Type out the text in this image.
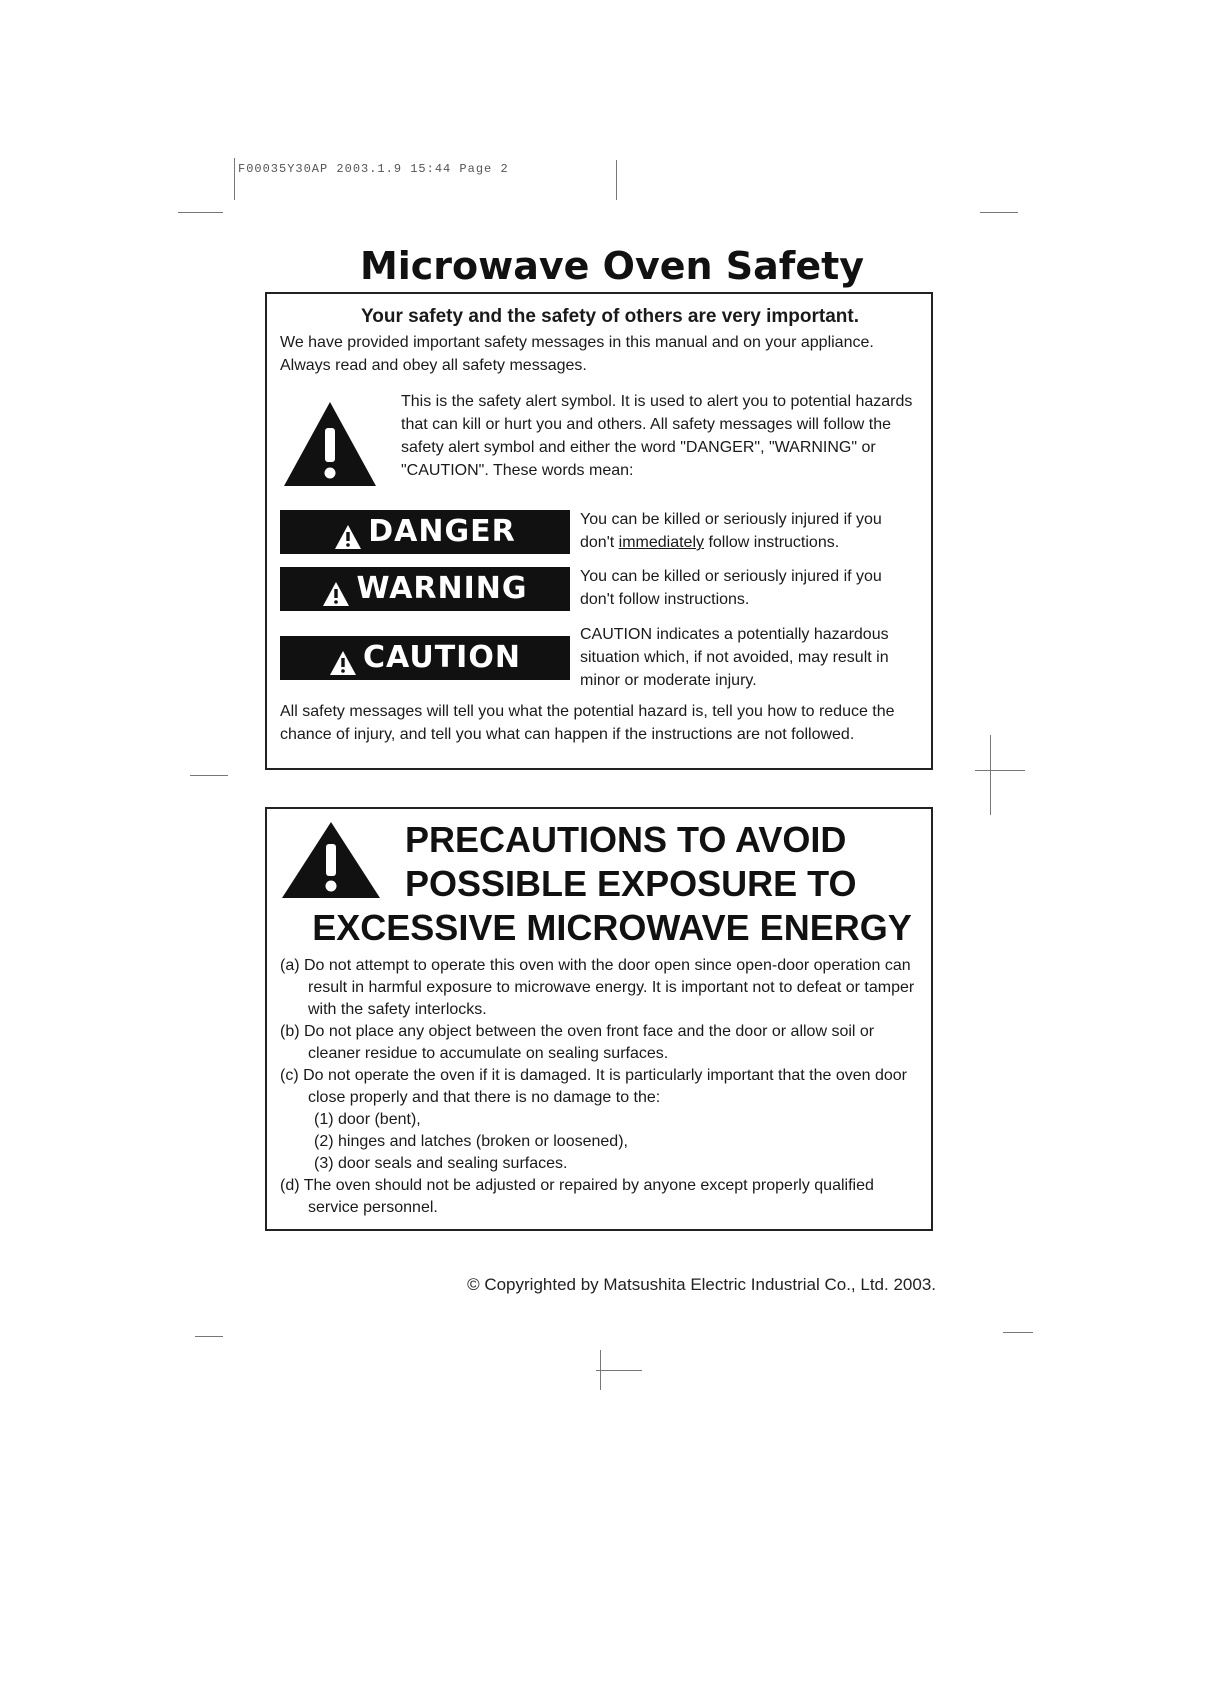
F00035Y30AP 2003.1.9 15:44 Page 2
Microwave Oven Safety
Your safety and the safety of others are very important.
We have provided important safety messages in this manual and on your appliance. Always read and obey all safety messages.
This is the safety alert symbol. It is used to alert you to potential hazards that can kill or hurt you and others. All safety messages will follow the safety alert symbol and either the word "DANGER", "WARNING" or "CAUTION". These words mean:
DANGER	You can be killed or seriously injured if you don't immediately follow instructions.
WARNING	You can be killed or seriously injured if you don't follow instructions.
CAUTION
CAUTION indicates a potentially hazardous situation which, if not avoided, may result in minor or moderate injury.
All safety messages will tell you what the potential hazard is, tell you how to reduce the chance of injury, and tell you what can happen if the instructions are not followed.
PRECAUTIONS TO AVOID
POSSIBLE EXPOSURE TO
EXCESSIVE MICROWAVE ENERGY
(a) Do not attempt to operate this oven with the door open since open-door operation can result in harmful exposure to microwave energy. It is important not to defeat or tamper with the safety interlocks.
(b) Do not place any object between the oven front face and the door or allow soil or cleaner residue to accumulate on sealing surfaces.
(c) Do not operate the oven if it is damaged. It is particularly important that the oven door close properly and that there is no damage to the:
(1) door (bent),
(2) hinges and latches (broken or loosened),
(3) door seals and sealing surfaces.
(d) The oven should not be adjusted or repaired by anyone except properly qualified service personnel.
© Copyrighted by Matsushita Electric Industrial Co., Ltd. 2003.
